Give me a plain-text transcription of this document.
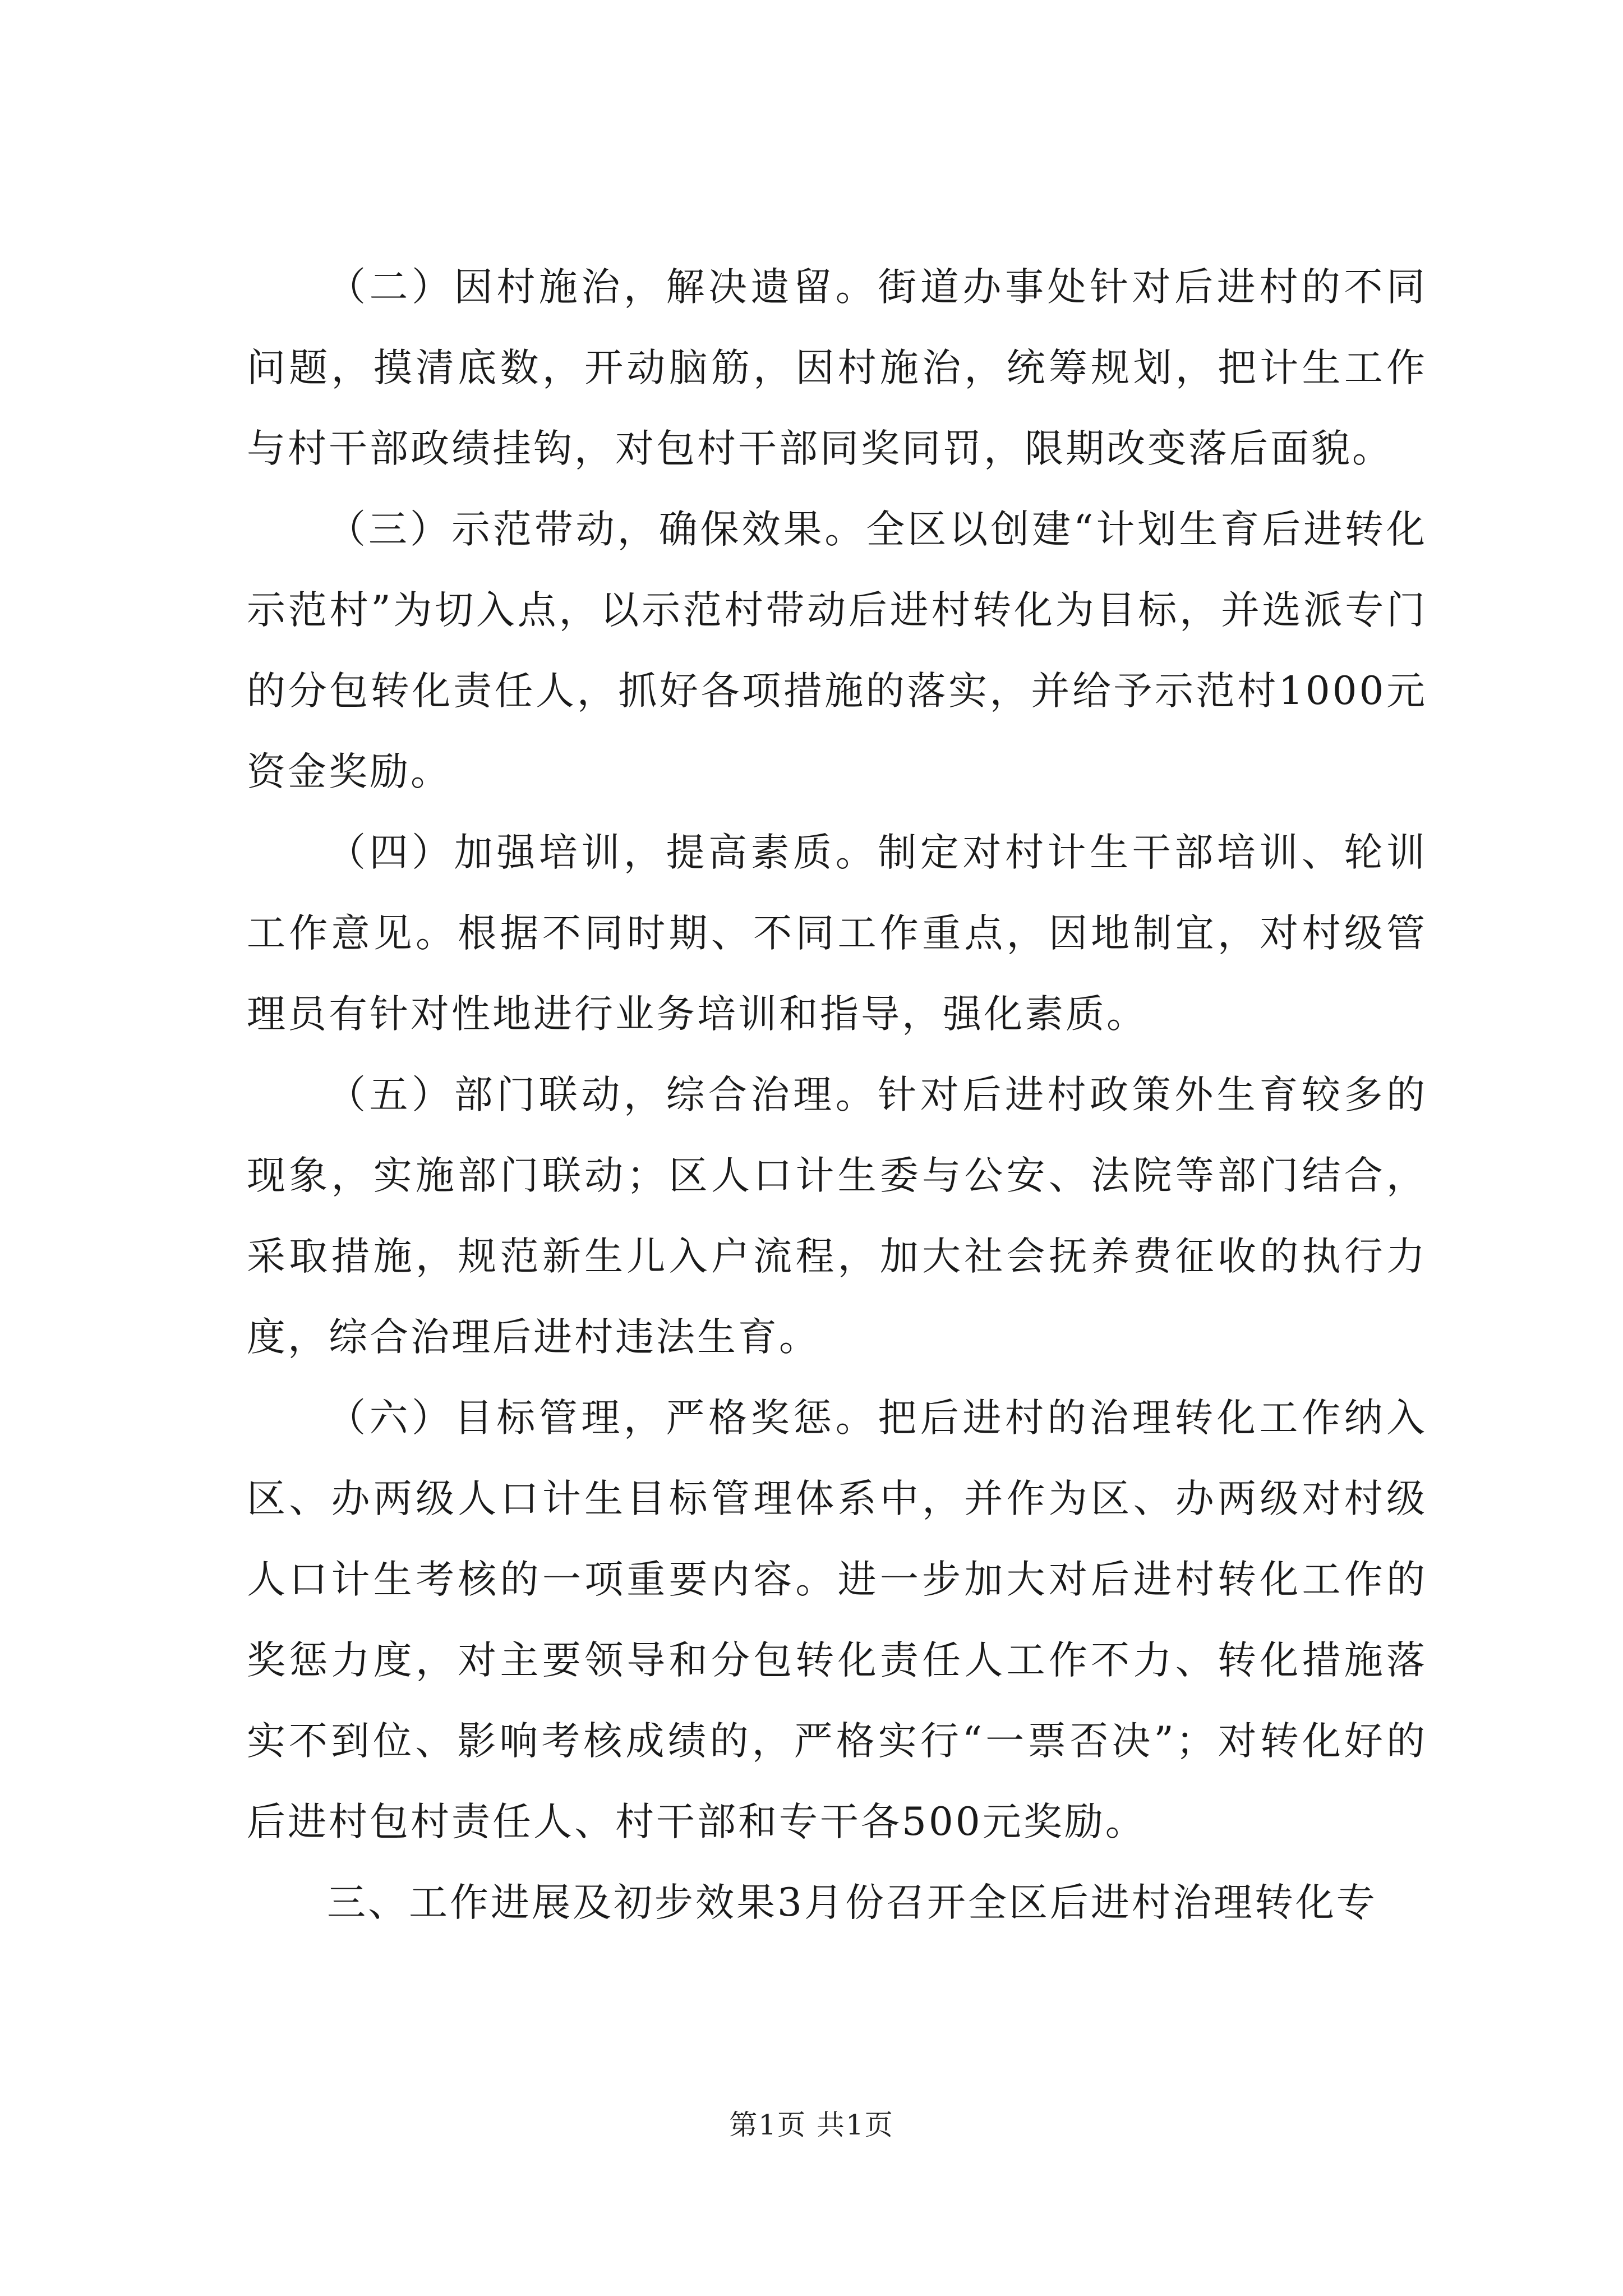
（二）因村施治，解决遗留。街道办事处针对后进村的不同问题，摸清底数，开动脑筋，因村施治，统筹规划，把计生工作与村干部政绩挂钩，对包村干部同奖同罚，限期改变落后面貌。

（三）示范带动，确保效果。全区以创建“计划生育后进转化示范村”为切入点，以示范村带动后进村转化为目标，并选派专门的分包转化责任人，抓好各项措施的落实，并给予示范村1000元资金奖励。

（四）加强培训，提高素质。制定对村计生干部培训、轮训工作意见。根据不同时期、不同工作重点，因地制宜，对村级管理员有针对性地进行业务培训和指导，强化素质。

（五）部门联动，综合治理。针对后进村政策外生育较多的现象，实施部门联动；区人口计生委与公安、法院等部门结合，采取措施，规范新生儿入户流程，加大社会抚养费征收的执行力度，综合治理后进村违法生育。

（六）目标管理，严格奖惩。把后进村的治理转化工作纳入区、办两级人口计生目标管理体系中，并作为区、办两级对村级人口计生考核的一项重要内容。进一步加大对后进村转化工作的奖惩力度，对主要领导和分包转化责任人工作不力、转化措施落实不到位、影响考核成绩的，严格实行“一票否决”；对转化好的后进村包村责任人、村干部和专干各500元奖励。

三、工作进展及初步效果3月份召开全区后进村治理转化专

第1页 共1页
